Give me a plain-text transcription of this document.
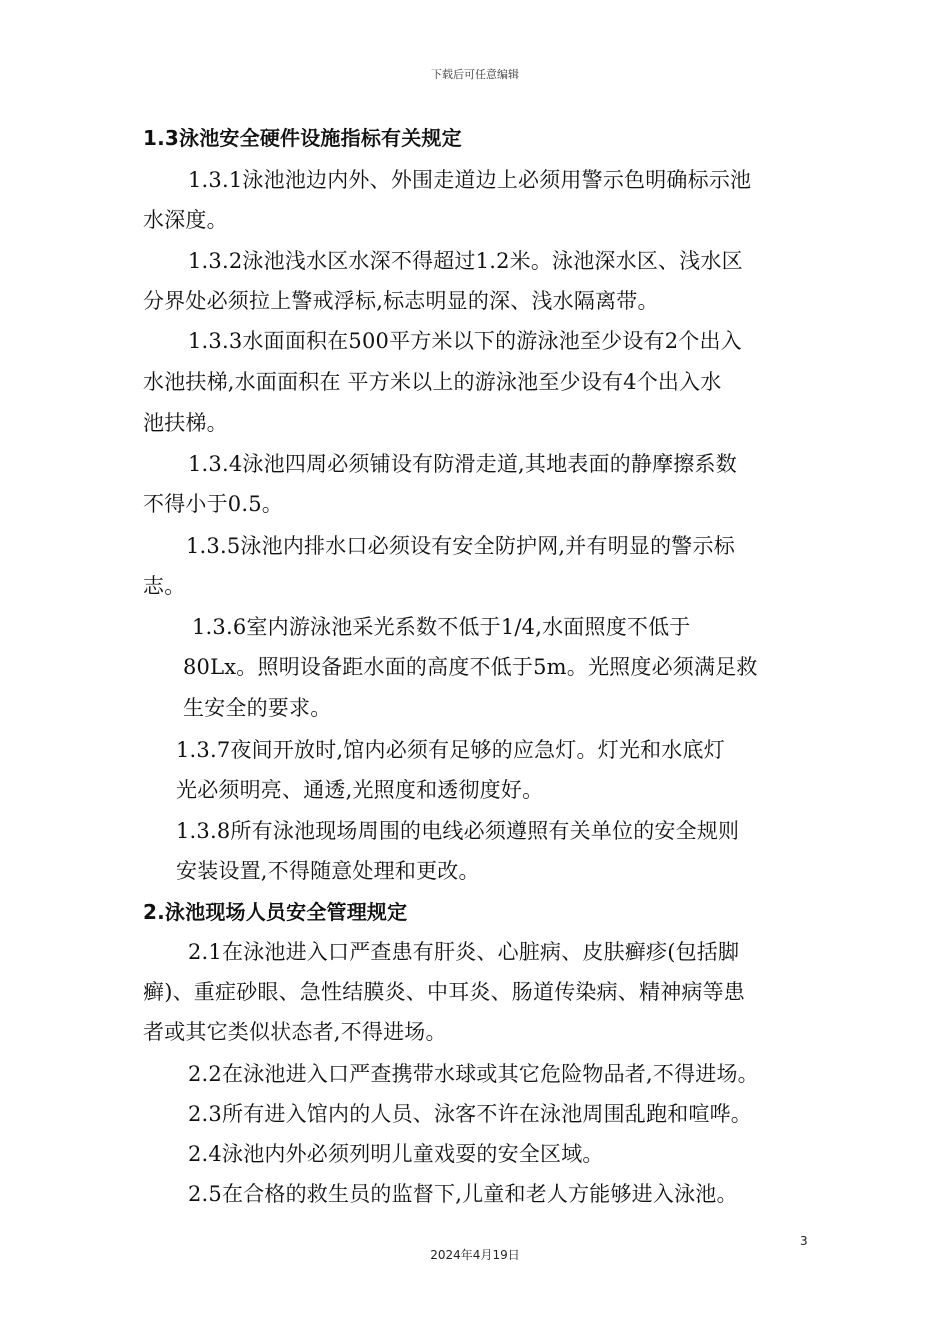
下载后可任意编辑
1.3泳池安全硬件设施指标有关规定
1.3.1泳池池边内外、外围走道边上必须用警示色明确标示池
水深度。
1.3.2泳池浅水区水深不得超过1.2米。泳池深水区、浅水区
分界处必须拉上警戒浮标,标志明显的深、浅水隔离带。
1.3.3水面面积在500平方米以下的游泳池至少设有2个出入
水池扶梯,水面面积在 平方米以上的游泳池至少设有4个出入水
池扶梯。
1.3.4泳池四周必须铺设有防滑走道,其地表面的静摩擦系数
不得小于0.5。
1.3.5泳池内排水口必须设有安全防护网,并有明显的警示标
志。
1.3.6室内游泳池采光系数不低于1/4,水面照度不低于
80Lx。照明设备距水面的高度不低于5m。光照度必须满足救
生安全的要求。
1.3.7夜间开放时,馆内必须有足够的应急灯。灯光和水底灯
光必须明亮、通透,光照度和透彻度好。
1.3.8所有泳池现场周围的电线必须遵照有关单位的安全规则
安装设置,不得随意处理和更改。
2.泳池现场人员安全管理规定
2.1在泳池进入口严查患有肝炎、心脏病、皮肤癣疹(包括脚
癣)、重症砂眼、急性结膜炎、中耳炎、肠道传染病、精神病等患
者或其它类似状态者,不得进场。
2.2在泳池进入口严查携带水球或其它危险物品者,不得进场。
2.3所有进入馆内的人员、泳客不许在泳池周围乱跑和喧哗。
2.4泳池内外必须列明儿童戏耍的安全区域。
2.5在合格的救生员的监督下,儿童和老人方能够进入泳池。
3
2024年4月19日
